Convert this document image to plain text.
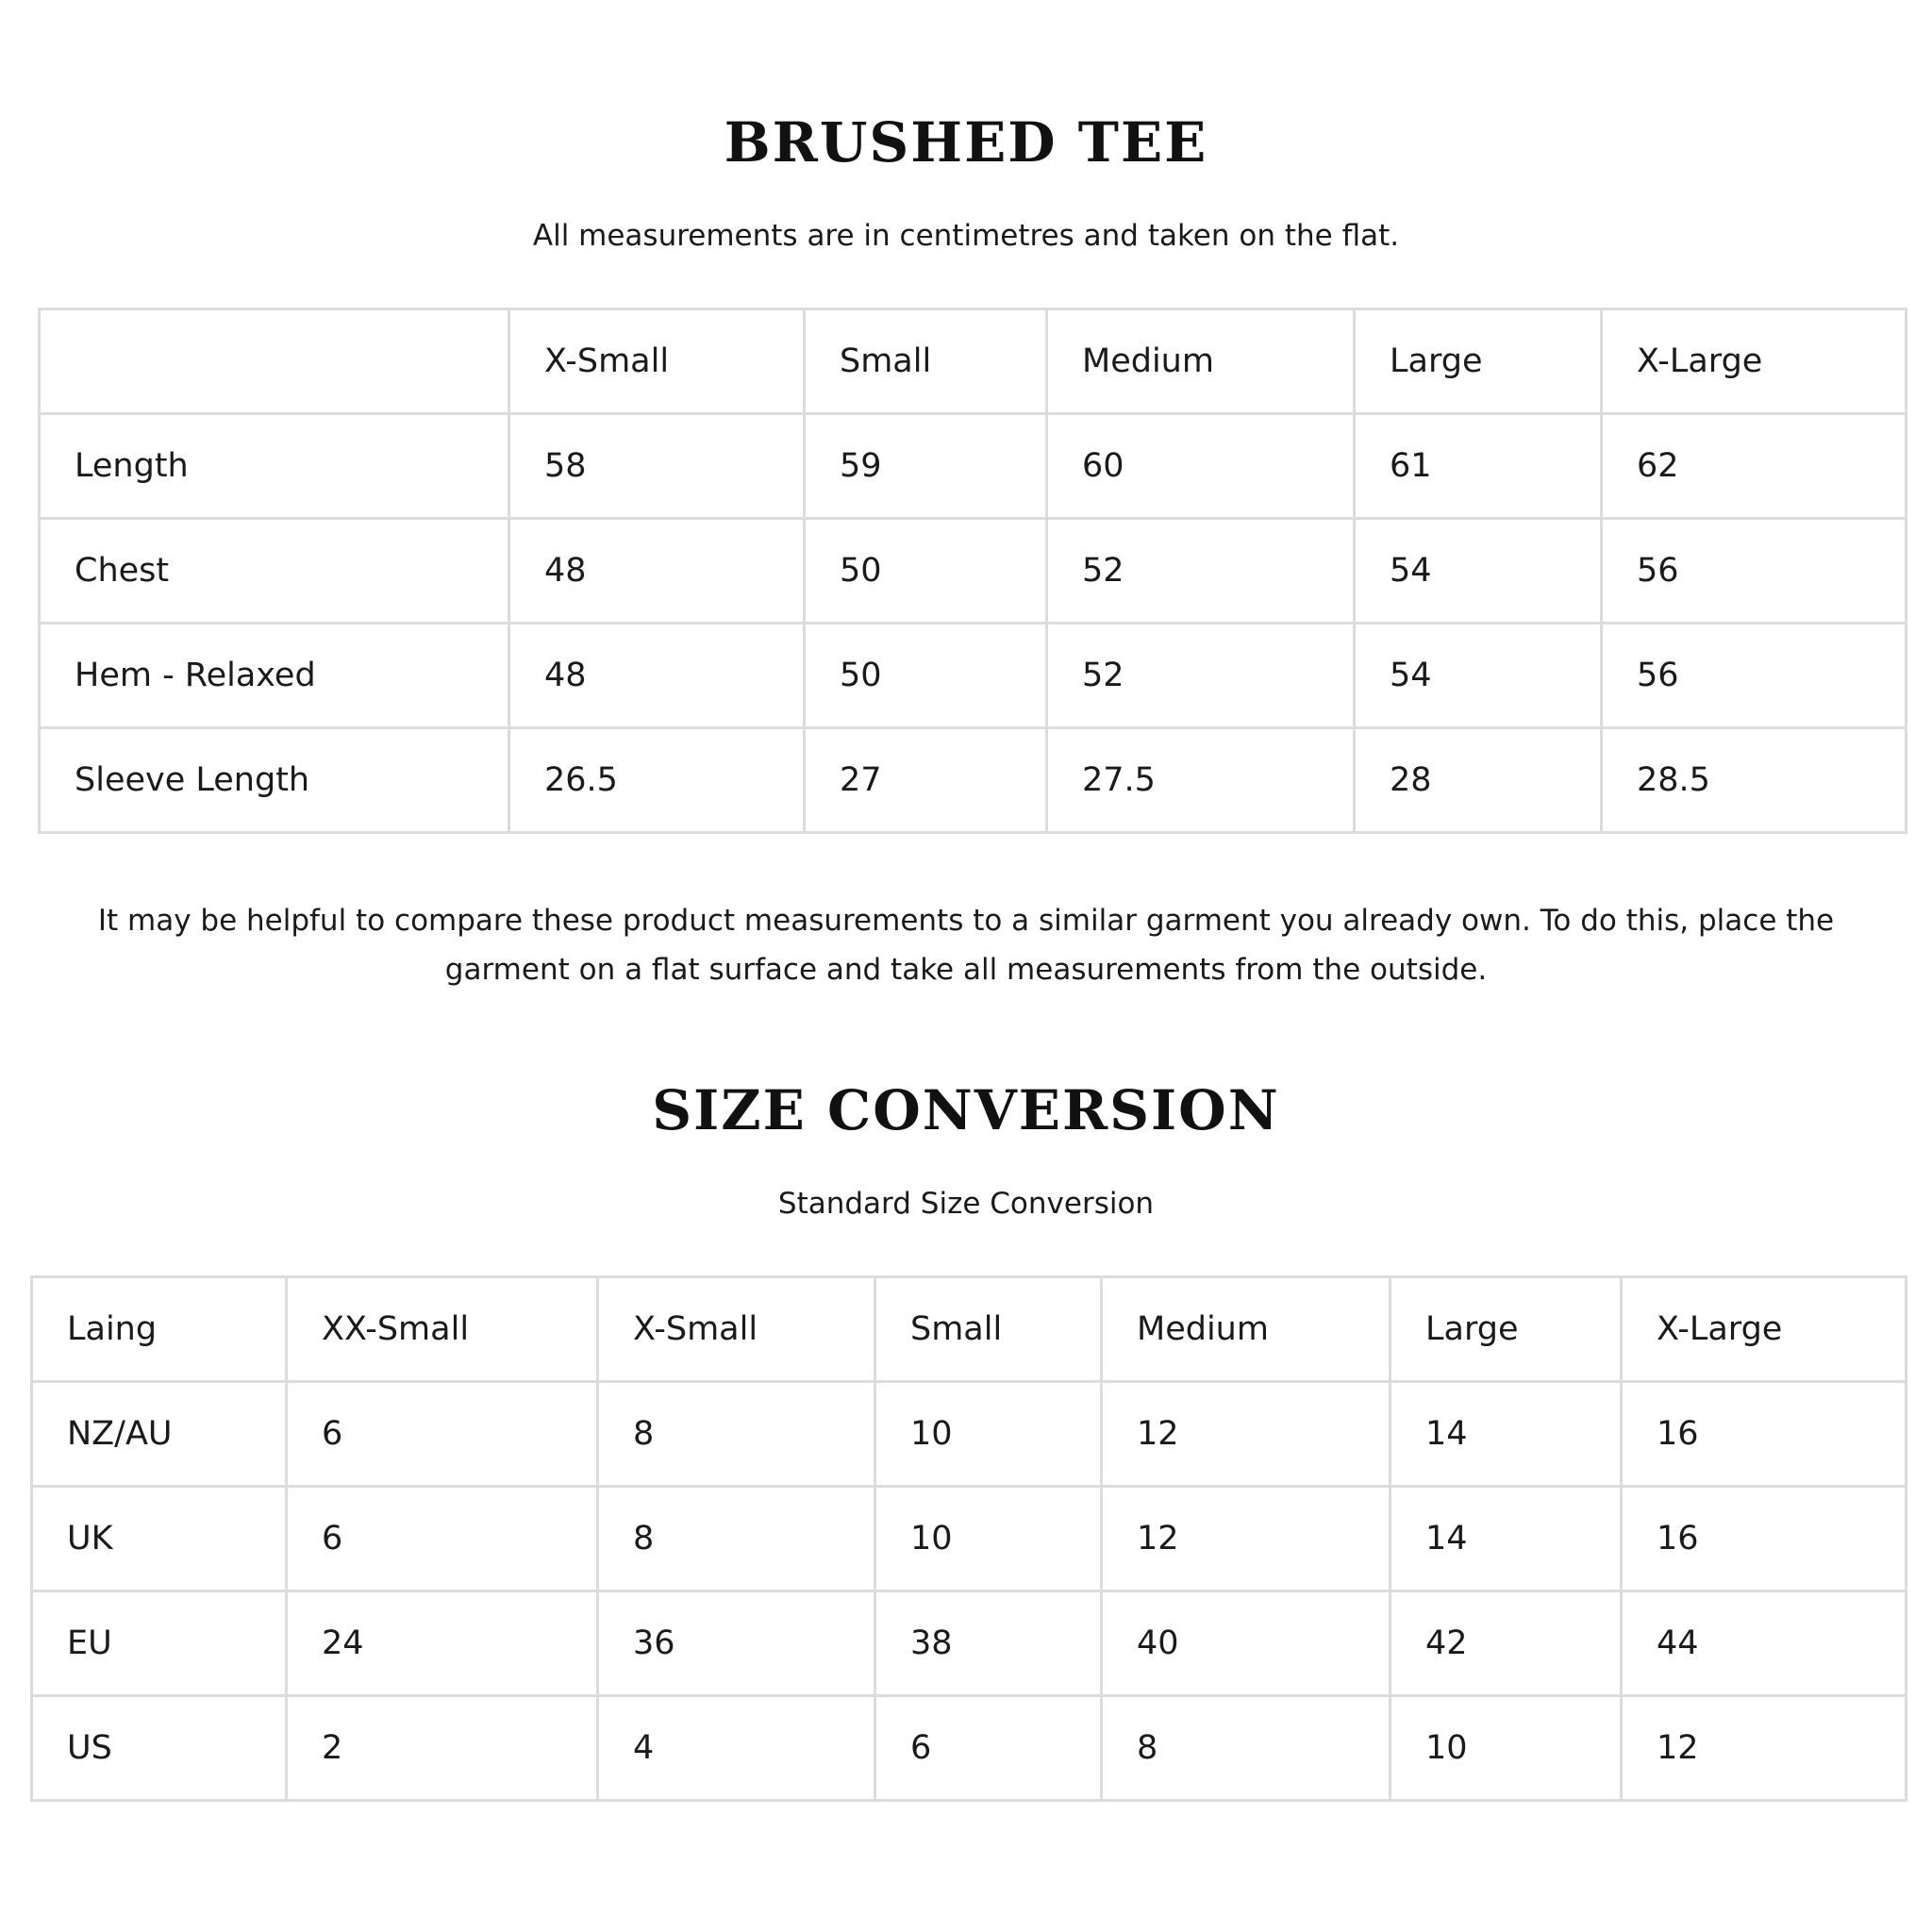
BRUSHED TEE

All measurements are in centimetres and taken on the flat.

	X-Small	Small	Medium	Large	X-Large
Length	58	59	60	61	62
Chest	48	50	52	54	56
Hem - Relaxed	48	50	52	54	56
Sleeve Length	26.5	27	27.5	28	28.5

It may be helpful to compare these product measurements to a similar garment you already own. To do this, place the garment on a flat surface and take all measurements from the outside.

SIZE CONVERSION

Standard Size Conversion

Laing	XX-Small	X-Small	Small	Medium	Large	X-Large
NZ/AU	6	8	10	12	14	16
UK	6	8	10	12	14	16
EU	24	36	38	40	42	44
US	2	4	6	8	10	12
